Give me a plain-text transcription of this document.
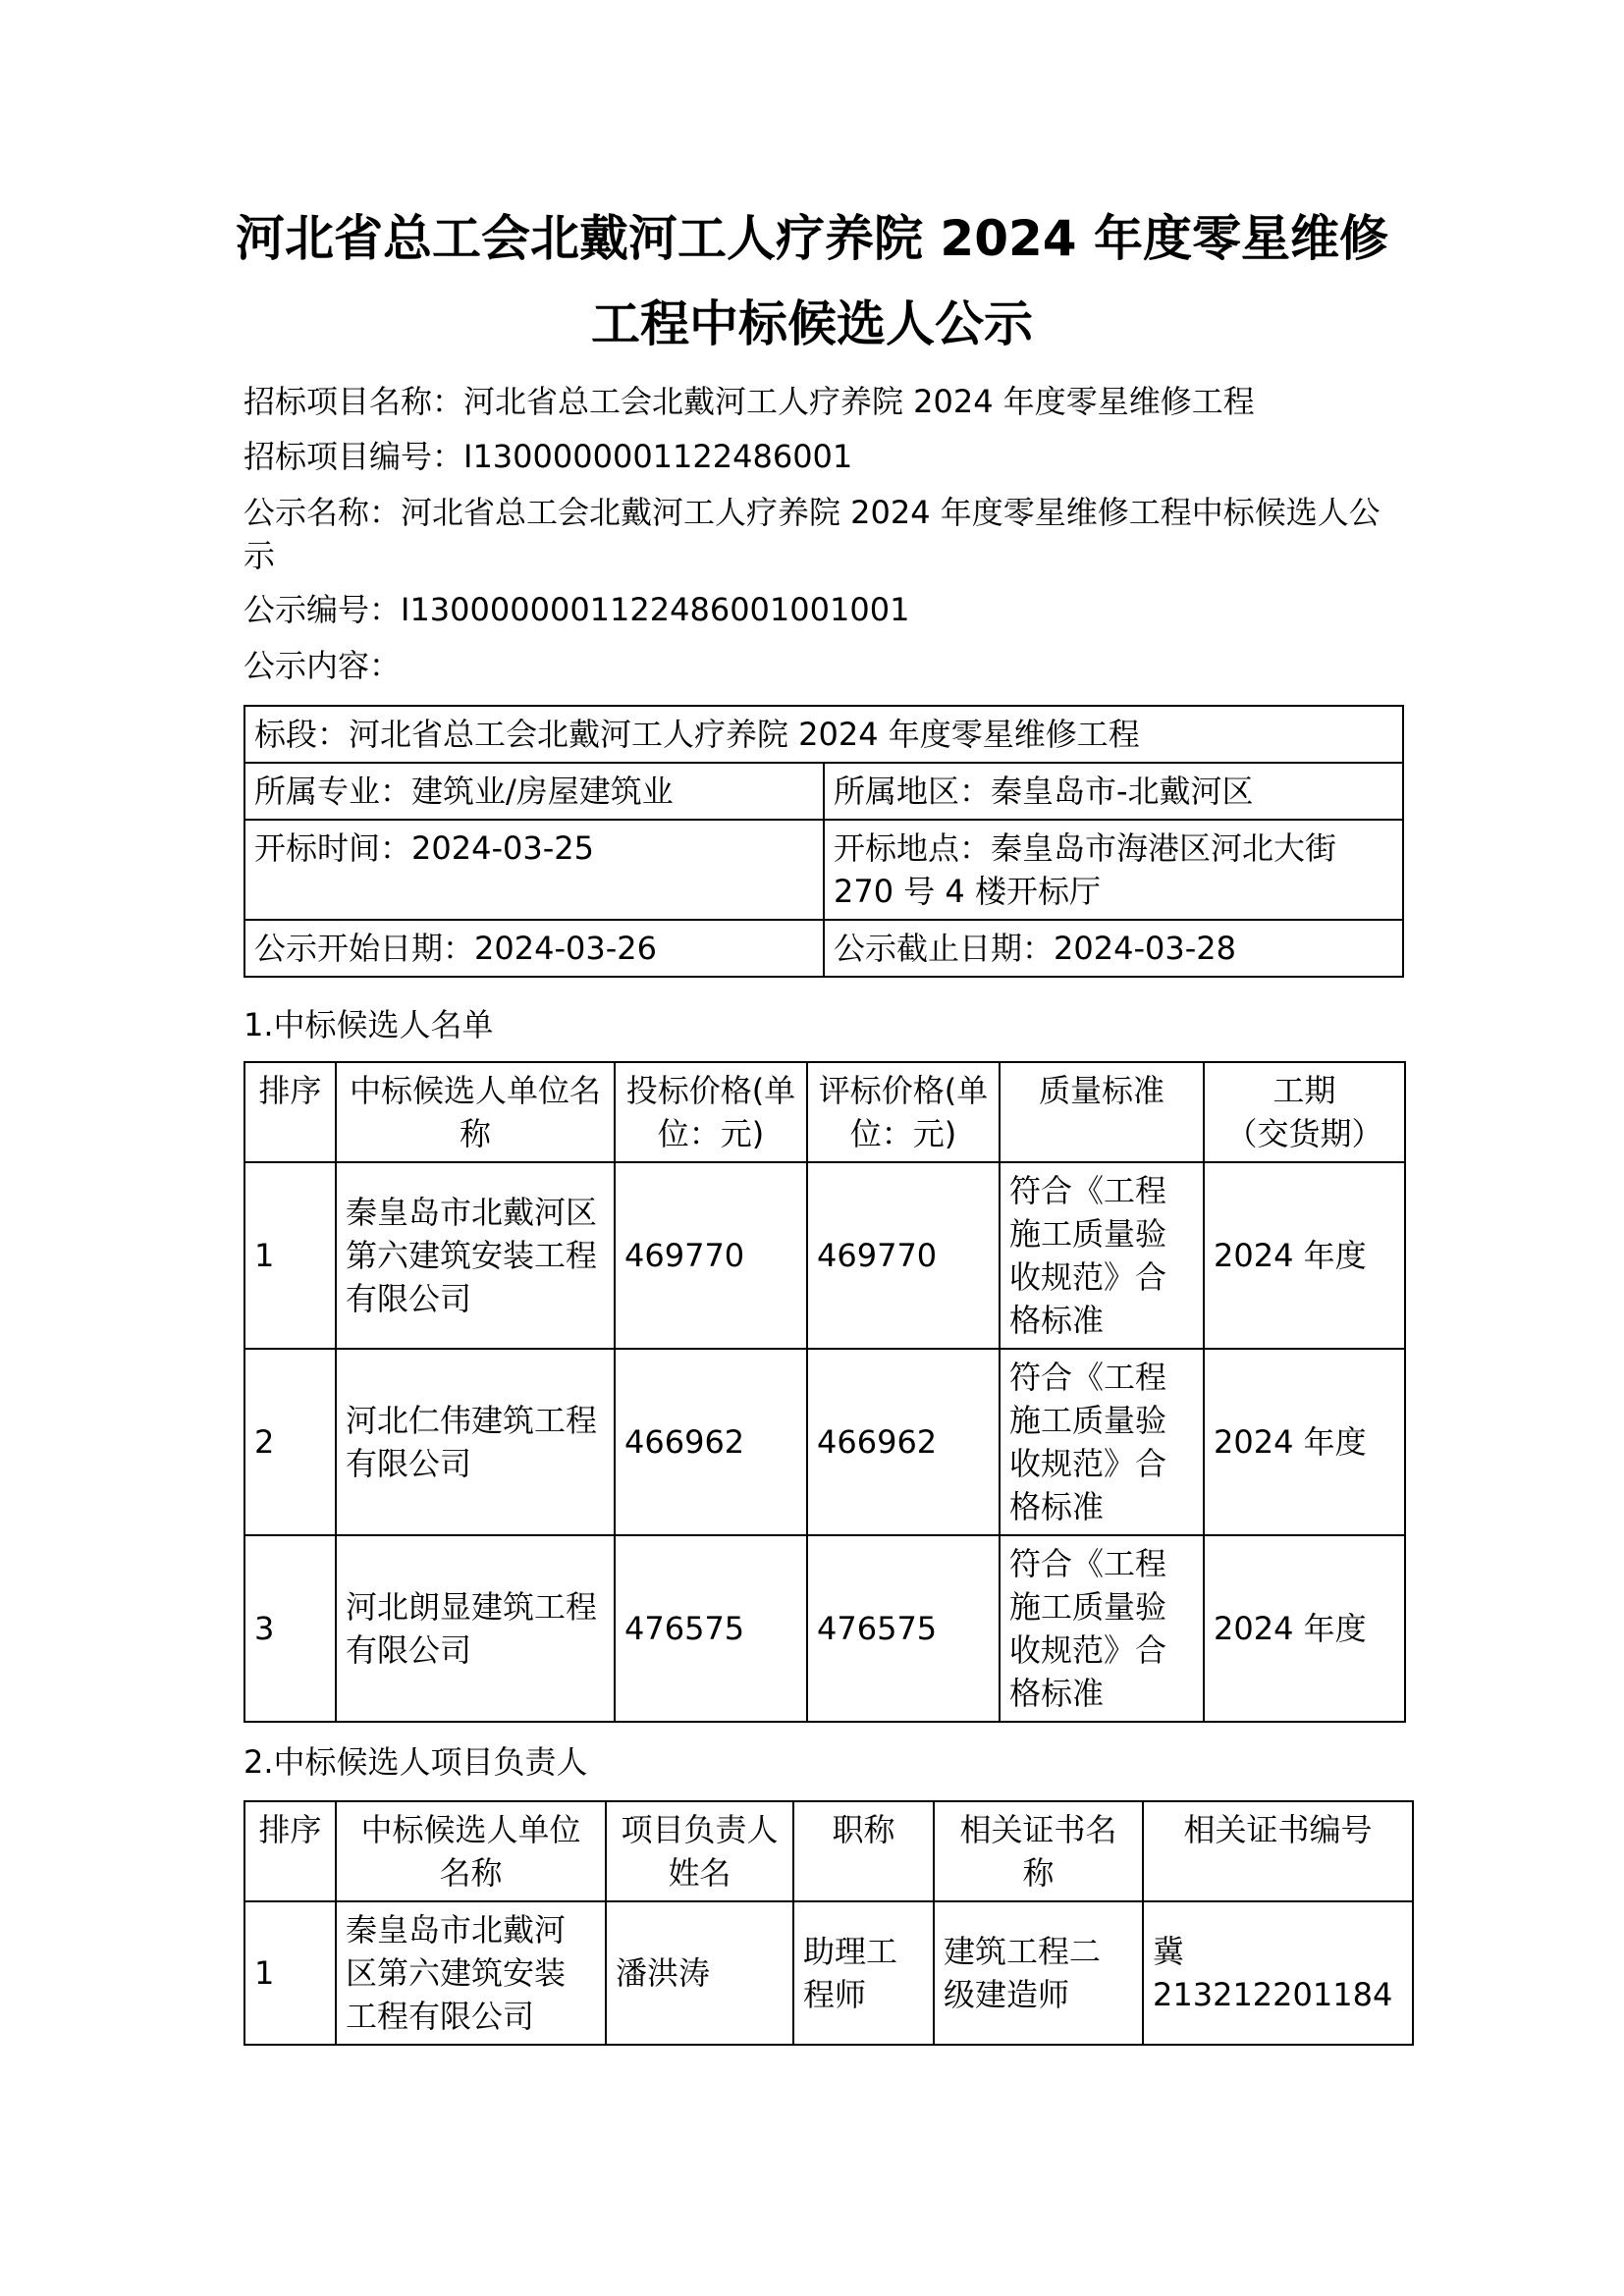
河北省总工会北戴河工人疗养院 2024 年度零星维修
工程中标候选人公示

招标项目名称：河北省总工会北戴河工人疗养院 2024 年度零星维修工程

招标项目编号：I1300000001122486001

公示名称：河北省总工会北戴河工人疗养院 2024 年度零星维修工程中标候选人公示

公示编号：I1300000001122486001001001

公示内容：

标段：河北省总工会北戴河工人疗养院 2024 年度零星维修工程	
所属专业：建筑业/房屋建筑业	所属地区：秦皇岛市-北戴河区
开标时间：2024-03-25	开标地点：秦皇岛市海港区河北大街270 号 4 楼开标厅
公示开始日期：2024-03-26	公示截止日期：2024-03-28

1.中标候选人名单

排序	中标候选人单位名称	投标价格(单位：元)	评标价格(单位：元)	质量标准	工期
（交货期）
1	秦皇岛市北戴河区
第六建筑安装工程
有限公司	469770	469770	符合《工程
施工质量验
收规范》合
格标准	2024 年度
2	河北仁伟建筑工程
有限公司	466962	466962	符合《工程
施工质量验
收规范》合
格标准	2024 年度
3	河北朗显建筑工程
有限公司	476575	476575	符合《工程
施工质量验
收规范》合
格标准	2024 年度

2.中标候选人项目负责人

排序	中标候选人单位
名称	项目负责人
姓名	职称	相关证书名
称	相关证书编号
1	秦皇岛市北戴河
区第六建筑安装
工程有限公司	潘洪涛	助理工
程师	建筑工程二
级建造师	冀
213212201184
